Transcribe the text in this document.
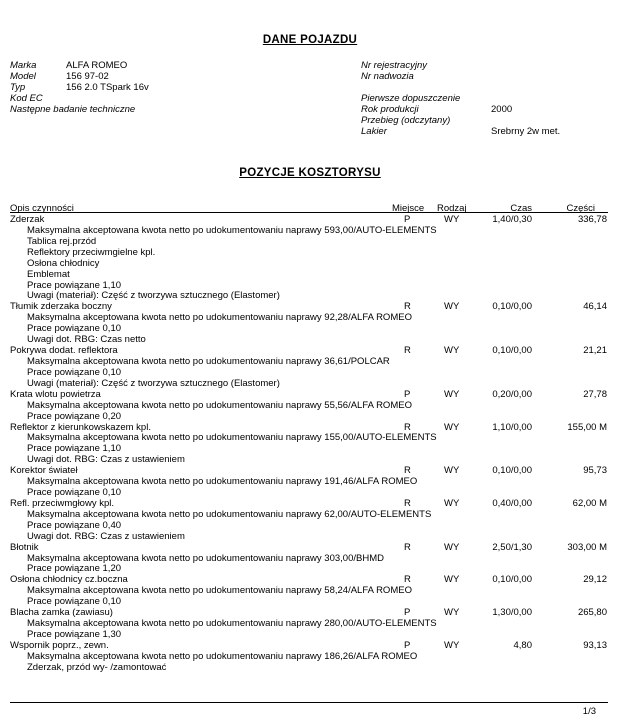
DANE POJAZDU
Marka	ALFA ROMEO
Model	156 97-02
Typ	156 2.0 TSpark 16v
Kod EC
Następne badanie techniczne
Nr rejestracyjny
Nr nadwozia
Pierwsze dopuszczenie
Rok produkcji	2000
Przebieg (odczytany)
Lakier	Srebrny 2w met.
POZYCJE KOSZTORYSU
Opis czynności	Miejsce Rodzaj	Czas	Części
Zderzak	P	WY	1,40/0,30	336,78
Maksymalna akceptowana kwota netto po udokumentowaniu naprawy 593,00/AUTO-ELEMENTS
Tablica rej.przód
Reflektory przeciwmgielne kpl.
Osłona chłodnicy
Emblemat
Prace powiązane 1,10
Uwagi (materiał): Część z tworzywa sztucznego (Elastomer)
Tłumik zderzaka boczny	R	WY	0,10/0,00	46,14
Maksymalna akceptowana kwota netto po udokumentowaniu naprawy 92,28/ALFA ROMEO
Prace powiązane 0,10
Uwagi dot. RBG: Czas netto
Pokrywa dodat. reflektora	R	WY	0,10/0,00	21,21
Maksymalna akceptowana kwota netto po udokumentowaniu naprawy 36,61/POLCAR
Prace powiązane 0,10
Uwagi (materiał): Część z tworzywa sztucznego (Elastomer)
Krata wlotu powietrza	P	WY	0,20/0,00	27,78
Maksymalna akceptowana kwota netto po udokumentowaniu naprawy 55,56/ALFA ROMEO
Prace powiązane 0,20
Reflektor z kierunkowskazem kpl.	R	WY	1,10/0,00	155,00 M
Maksymalna akceptowana kwota netto po udokumentowaniu naprawy 155,00/AUTO-ELEMENTS
Prace powiązane 1,10
Uwagi dot. RBG: Czas z ustawieniem
Korektor świateł	R	WY	0,10/0,00	95,73
Maksymalna akceptowana kwota netto po udokumentowaniu naprawy 191,46/ALFA ROMEO
Prace powiązane 0,10
Refl. przeciwmgłowy kpl.	R	WY	0,40/0,00	62,00 M
Maksymalna akceptowana kwota netto po udokumentowaniu naprawy 62,00/AUTO-ELEMENTS
Prace powiązane 0,40
Uwagi dot. RBG: Czas z ustawieniem
Błotnik	R	WY	2,50/1,30	303,00 M
Maksymalna akceptowana kwota netto po udokumentowaniu naprawy 303,00/BHMD
Prace powiązane 1,20
Osłona chłodnicy cz.boczna	R	WY	0,10/0,00	29,12
Maksymalna akceptowana kwota netto po udokumentowaniu naprawy 58,24/ALFA ROMEO
Prace powiązane 0,10
Blacha zamka (zawiasu)	P	WY	1,30/0,00	265,80
Maksymalna akceptowana kwota netto po udokumentowaniu naprawy 280,00/AUTO-ELEMENTS
Prace powiązane 1,30
Wspornik poprz., zewn.	P	WY	4,80	93,13
Maksymalna akceptowana kwota netto po udokumentowaniu naprawy 186,26/ALFA ROMEO
Zderzak, przód wy- /zamontować
1/3
